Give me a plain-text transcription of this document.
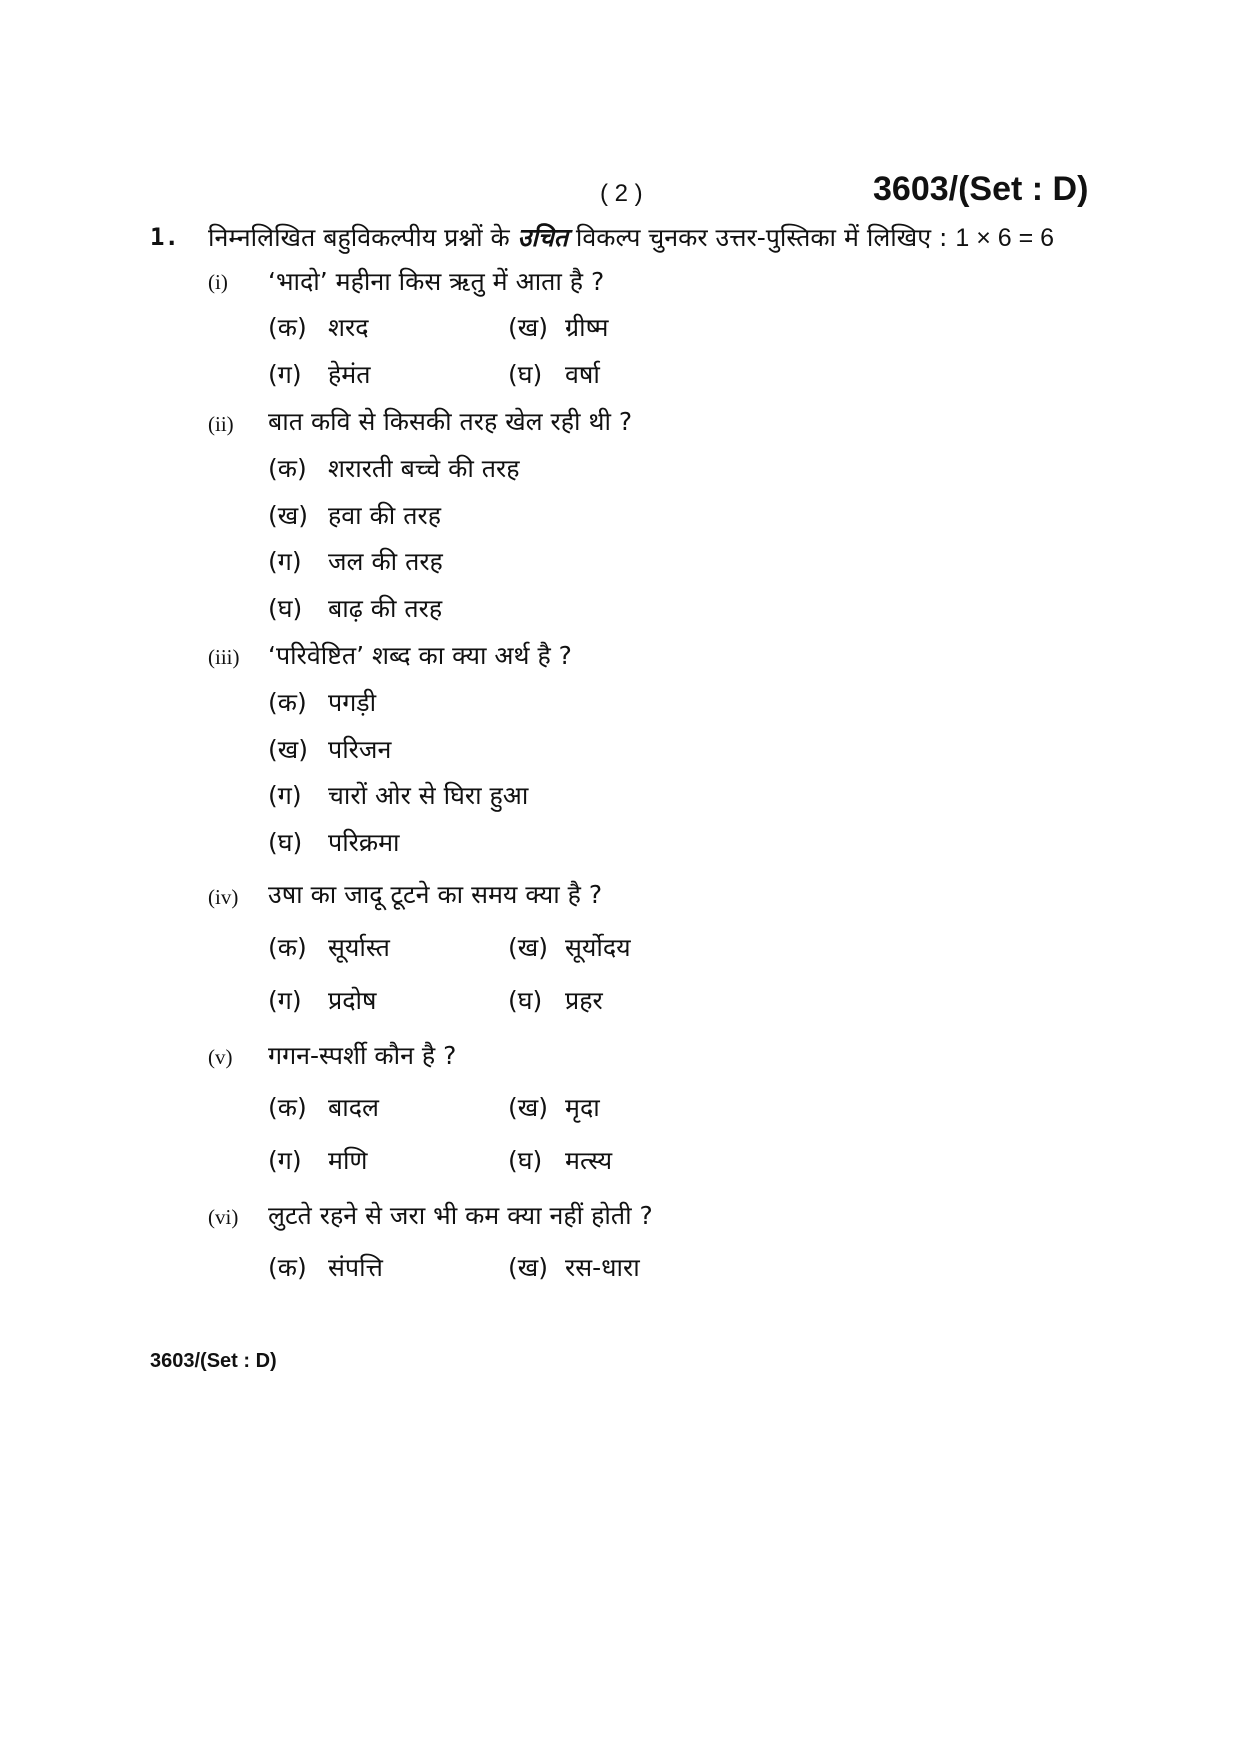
( 2 )	3603/(Set : D)
1. निम्नलिखित बहुविकल्पीय प्रश्नों के उचित विकल्प चुनकर उत्तर-पुस्तिका में लिखिए : 1 × 6 = 6
(i) ‘भादो’ महीना किस ऋतु में आता है ?
(क) शरद	(ख) ग्रीष्म
(ग) हेमंत	(घ) वर्षा
(ii) बात कवि से किसकी तरह खेल रही थी ?
(क) शरारती बच्चे की तरह
(ख) हवा की तरह
(ग) जल की तरह
(घ) बाढ़ की तरह
(iii) ‘परिवेष्टित’ शब्द का क्या अर्थ है ?
(क) पगड़ी
(ख) परिजन
(ग) चारों ओर से घिरा हुआ
(घ) परिक्रमा
(iv) उषा का जादू टूटने का समय क्या है ?
(क) सूर्यास्त	(ख) सूर्योदय
(ग) प्रदोष	(घ) प्रहर
(v) गगन-स्पर्शी कौन है ?
(क) बादल	(ख) मृदा
(ग) मणि	(घ) मत्स्य
(vi) लुटते रहने से जरा भी कम क्या नहीं होती ?
(क) संपत्ति	(ख) रस-धारा
3603/(Set : D)
